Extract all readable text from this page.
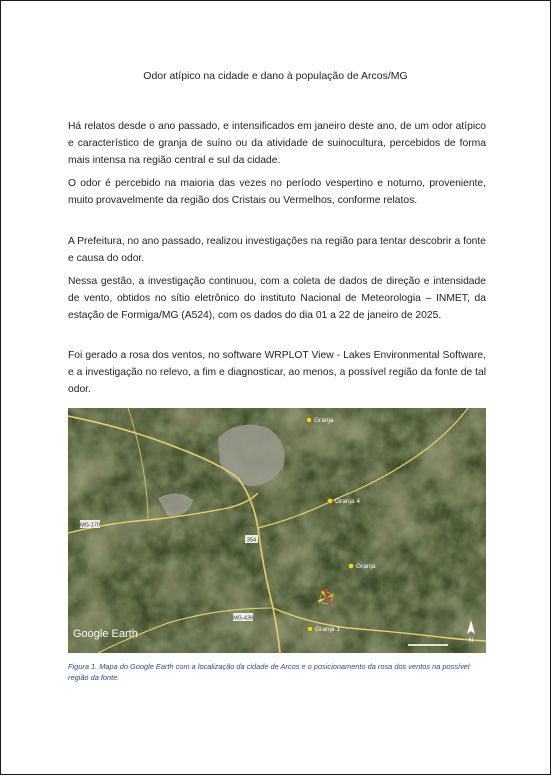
Odor atípico na cidade e dano à população de Arcos/MG

Há relatos desde o ano passado, e intensificados em janeiro deste ano, de um odor atípico e característico de granja de suíno ou da atividade de suinocultura, percebidos de forma mais intensa na região central e sul da cidade.

O odor é percebido na maioria das vezes no período vespertino e noturno, proveniente, muito provavelmente da região dos Cristais ou Vermelhos, conforme relatos.

A Prefeitura, no ano passado, realizou investigações na região para tentar descobrir a fonte e causa do odor.

Nessa gestão, a investigação continuou, com a coleta de dados de direção e intensidade de vento, obtidos no sítio eletrônico do instituto Nacional de Meteorologia – INMET, da estação de Formiga/MG (A524), com os dados do dia 01 a 22 de janeiro de 2025.

Foi gerado a rosa dos ventos, no software WRPLOT View - Lakes Environmental Software, e a investigação no relevo, a fim e diagnosticar, ao menos, a possível região da fonte de tal odor.

MG-170
MG-439
354
Granja
Granja 4
Granja
Granja 1
Google Earth
N

Figura 1. Mapa do Google Earth com a localização da cidade de Arcos e o posicionamento da rosa dos ventos na possível região da fonte.
